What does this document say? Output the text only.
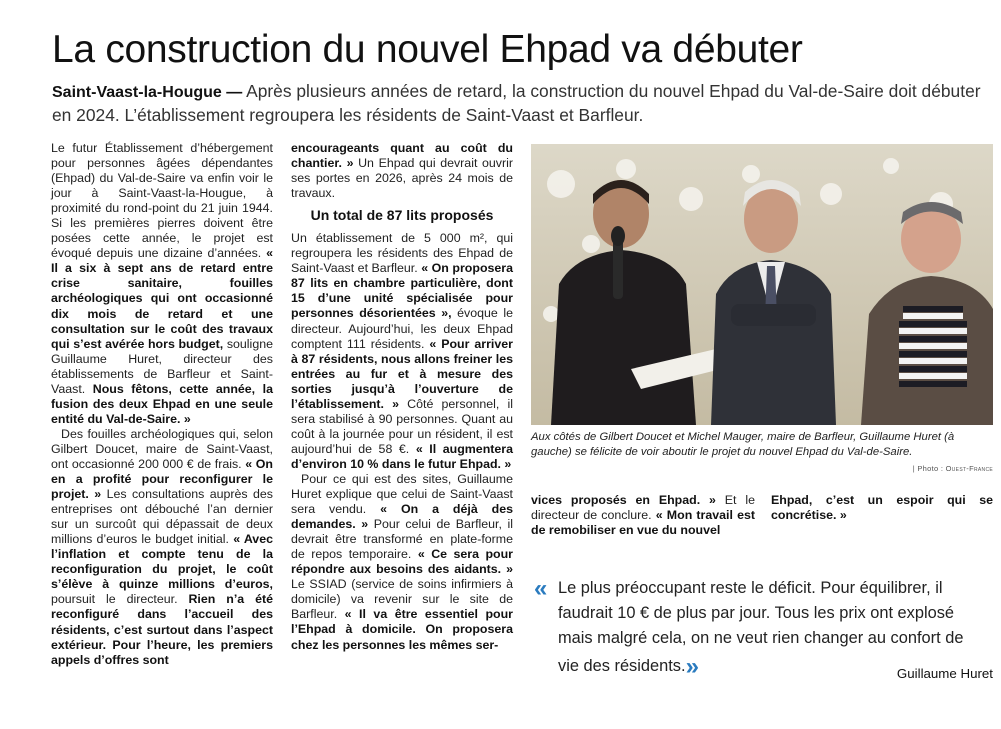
La construction du nouvel Ehpad va débuter

Saint-Vaast-la-Hougue — Après plusieurs années de retard, la construction du nouvel Ehpad du Val-de-Saire doit débuter en 2024. L’établissement regroupera les résidents de Saint-Vaast et Barfleur.

Le futur Établissement d’hébergement pour personnes âgées dépendantes (Ehpad) du Val-de-Saire va enfin voir le jour à Saint-Vaast-la-Hougue, à proximité du rond-point du 21 juin 1944. Si les premières pierres doivent être posées cette année, le projet est évoqué depuis une dizaine d’années. « Il a six à sept ans de retard entre crise sanitaire, fouilles archéologiques qui ont occasionné dix mois de retard et une consultation sur le coût des travaux qui s’est avérée hors budget, souligne Guillaume Huret, directeur des établissements de Barfleur et Saint-Vaast. Nous fêtons, cette année, la fusion des deux Ehpad en une seule entité du Val-de-Saire. »

Des fouilles archéologiques qui, selon Gilbert Doucet, maire de Saint-Vaast, ont occasionné 200 000 € de frais. « On en a profité pour reconfigurer le projet. » Les consultations auprès des entreprises ont débouché l’an dernier sur un surcoût qui dépassait de deux millions d’euros le budget initial. « Avec l’inflation et compte tenu de la reconfiguration du projet, le coût s’élève à quinze millions d’euros, poursuit le directeur. Rien n’a été reconfiguré dans l’accueil des résidents, c’est surtout dans l’aspect extérieur. Pour l’heure, les premiers appels d’offres sont

encourageants quant au coût du chantier. » Un Ehpad qui devrait ouvrir ses portes en 2026, après 24 mois de travaux.

Un total de 87 lits proposés

Un établissement de 5 000 m², qui regroupera les résidents des Ehpad de Saint-Vaast et Barfleur. « On proposera 87 lits en chambre particulière, dont 15 d’une unité spécialisée pour personnes désorientées », évoque le directeur. Aujourd’hui, les deux Ehpad comptent 111 résidents. « Pour arriver à 87 résidents, nous allons freiner les entrées au fur et à mesure des sorties jusqu’à l’ouverture de l’établissement. » Côté personnel, il sera stabilisé à 90 personnes. Quant au coût à la journée pour un résident, il est aujourd’hui de 58 €. « Il augmentera d’environ 10 % dans le futur Ehpad. »

Pour ce qui est des sites, Guillaume Huret explique que celui de Saint-Vaast sera vendu. « On a déjà des demandes. » Pour celui de Barfleur, il devrait être transformé en plate-forme de repos temporaire. « Ce sera pour répondre aux besoins des aidants. » Le SSIAD (service de soins infirmiers à domicile) va revenir sur le site de Barfleur. « Il va être essentiel pour l’Ehpad à domicile. On proposera chez les personnes les mêmes ser-

Aux côtés de Gilbert Doucet et Michel Mauger, maire de Barfleur, Guillaume Huret (à gauche) se félicite de voir aboutir le projet du nouvel Ehpad du Val-de-Saire.

| Photo : Ouest-France

vices proposés en Ehpad. » Et le directeur de conclure. « Mon travail est de remobiliser en vue du nouvel

Ehpad, c’est un espoir qui se concrétise. »

« Le plus préoccupant reste le déficit. Pour équilibrer, il faudrait 10 € de plus par jour. Tous les prix ont explosé mais malgré cela, on ne veut rien changer au confort de vie des résidents.»	Guillaume Huret
